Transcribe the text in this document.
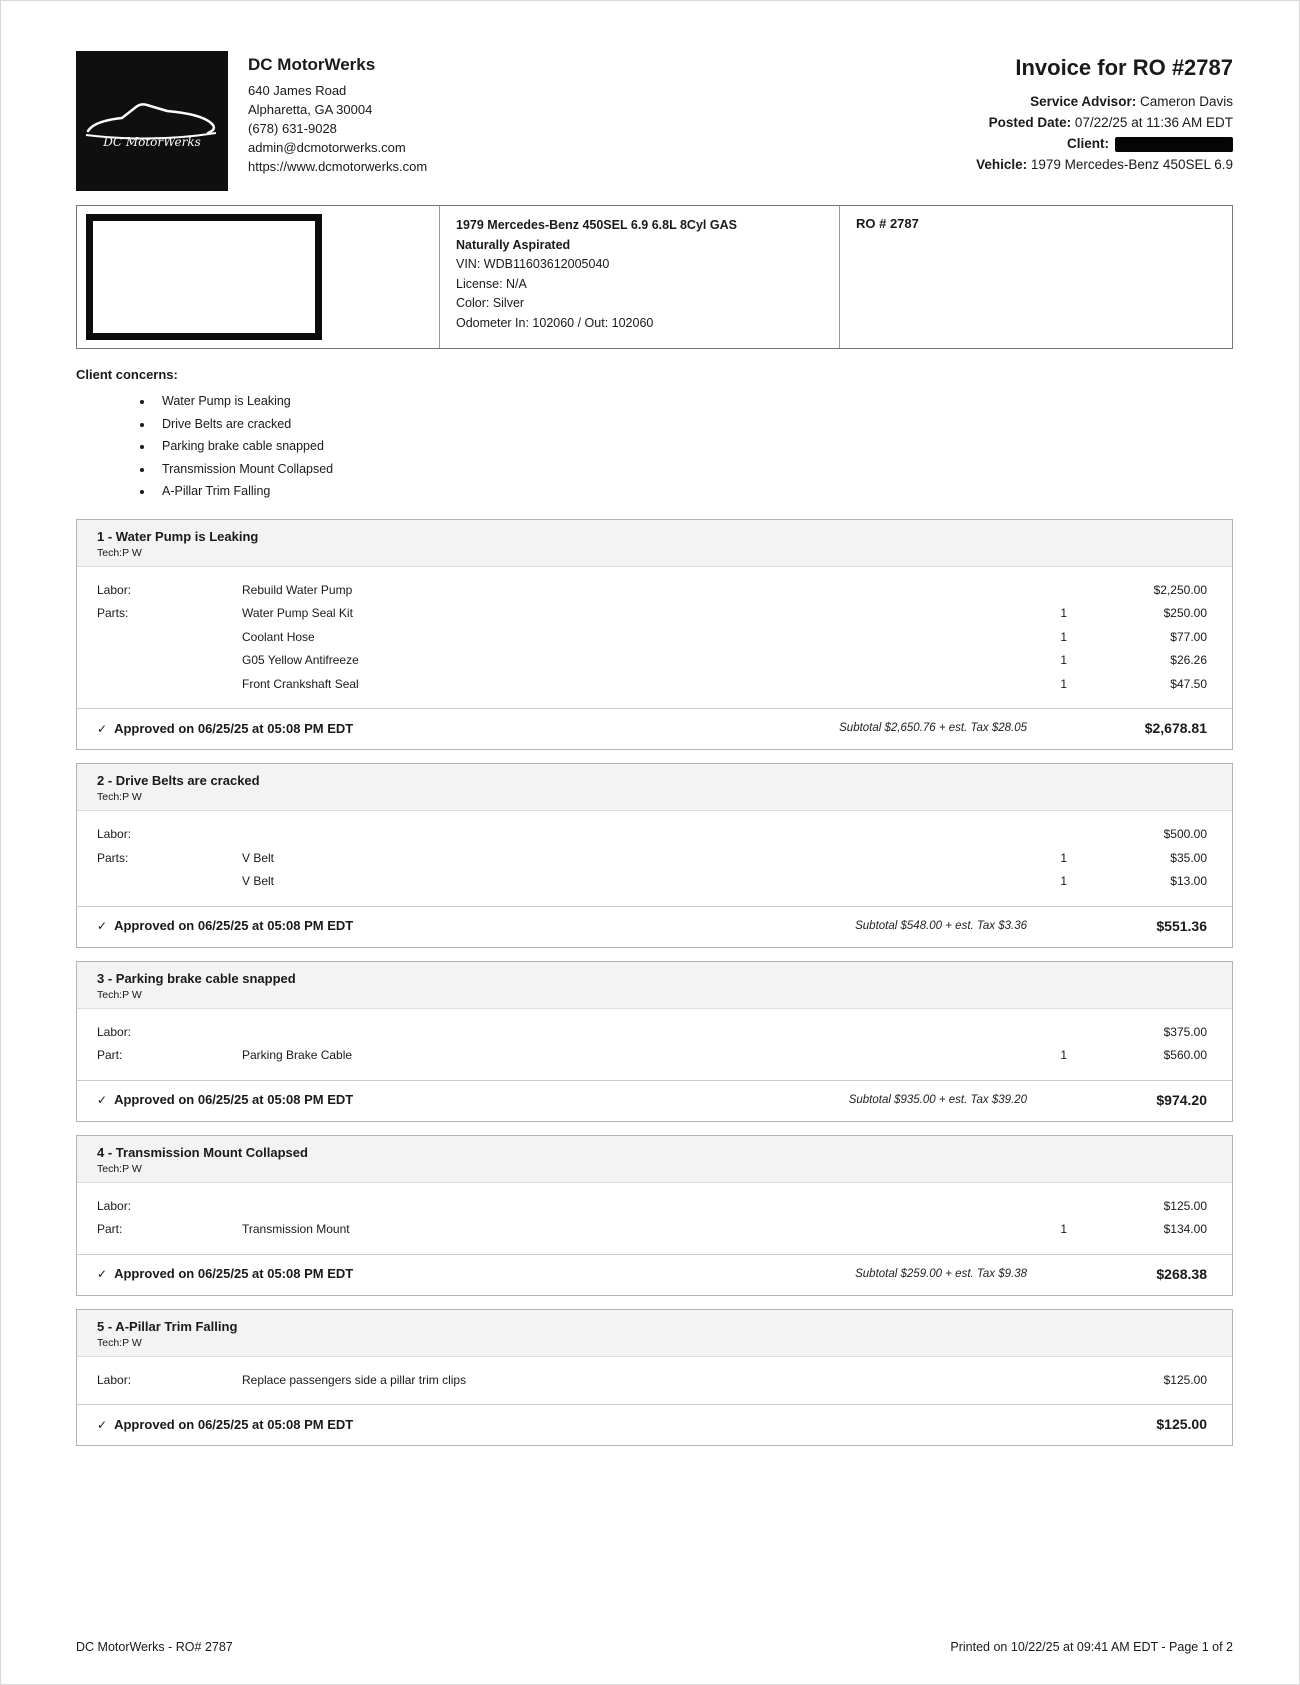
DC MotorWerks
DC MotorWerks
640 James Road
Alpharetta, GA 30004
(678) 631-9028
admin@dcmotorwerks.com
https://www.dcmotorwerks.com
Invoice for RO #2787
Service Advisor: Cameron Davis
Posted Date: 07/22/25 at 11:36 AM EDT
Client:
Vehicle: 1979 Mercedes-Benz 450SEL 6.9
1979 Mercedes-Benz 450SEL 6.9 6.8L 8Cyl GAS Naturally Aspirated
VIN: WDB11603612005040
License: N/A
Color: Silver
Odometer In: 102060 / Out: 102060
RO # 2787
Client concerns:
• Water Pump is Leaking
• Drive Belts are cracked
• Parking brake cable snapped
• Transmission Mount Collapsed
• A-Pillar Trim Falling
1 - Water Pump is Leaking
Tech:P W
Labor:	Rebuild Water Pump	$2,250.00
Parts:	Water Pump Seal Kit	1	$250.00
Coolant Hose	1	$77.00
G05 Yellow Antifreeze	1	$26.26
Front Crankshaft Seal	1	$47.50
✓ Approved on 06/25/25 at 05:08 PM EDT	Subtotal $2,650.76 + est. Tax $28.05	$2,678.81
2 - Drive Belts are cracked
Tech:P W
Labor:	$500.00
Parts:	V Belt	1	$35.00
V Belt	1	$13.00
✓ Approved on 06/25/25 at 05:08 PM EDT	Subtotal $548.00 + est. Tax $3.36	$551.36
3 - Parking brake cable snapped
Tech:P W
Labor:	$375.00
Part:	Parking Brake Cable	1	$560.00
✓ Approved on 06/25/25 at 05:08 PM EDT	Subtotal $935.00 + est. Tax $39.20	$974.20
4 - Transmission Mount Collapsed
Tech:P W
Labor:	$125.00
Part:	Transmission Mount	1	$134.00
✓ Approved on 06/25/25 at 05:08 PM EDT	Subtotal $259.00 + est. Tax $9.38	$268.38
5 - A-Pillar Trim Falling
Tech:P W
Labor:	Replace passengers side a pillar trim clips	$125.00
✓ Approved on 06/25/25 at 05:08 PM EDT	$125.00
DC MotorWerks - RO# 2787	Printed on 10/22/25 at 09:41 AM EDT - Page 1 of 2
